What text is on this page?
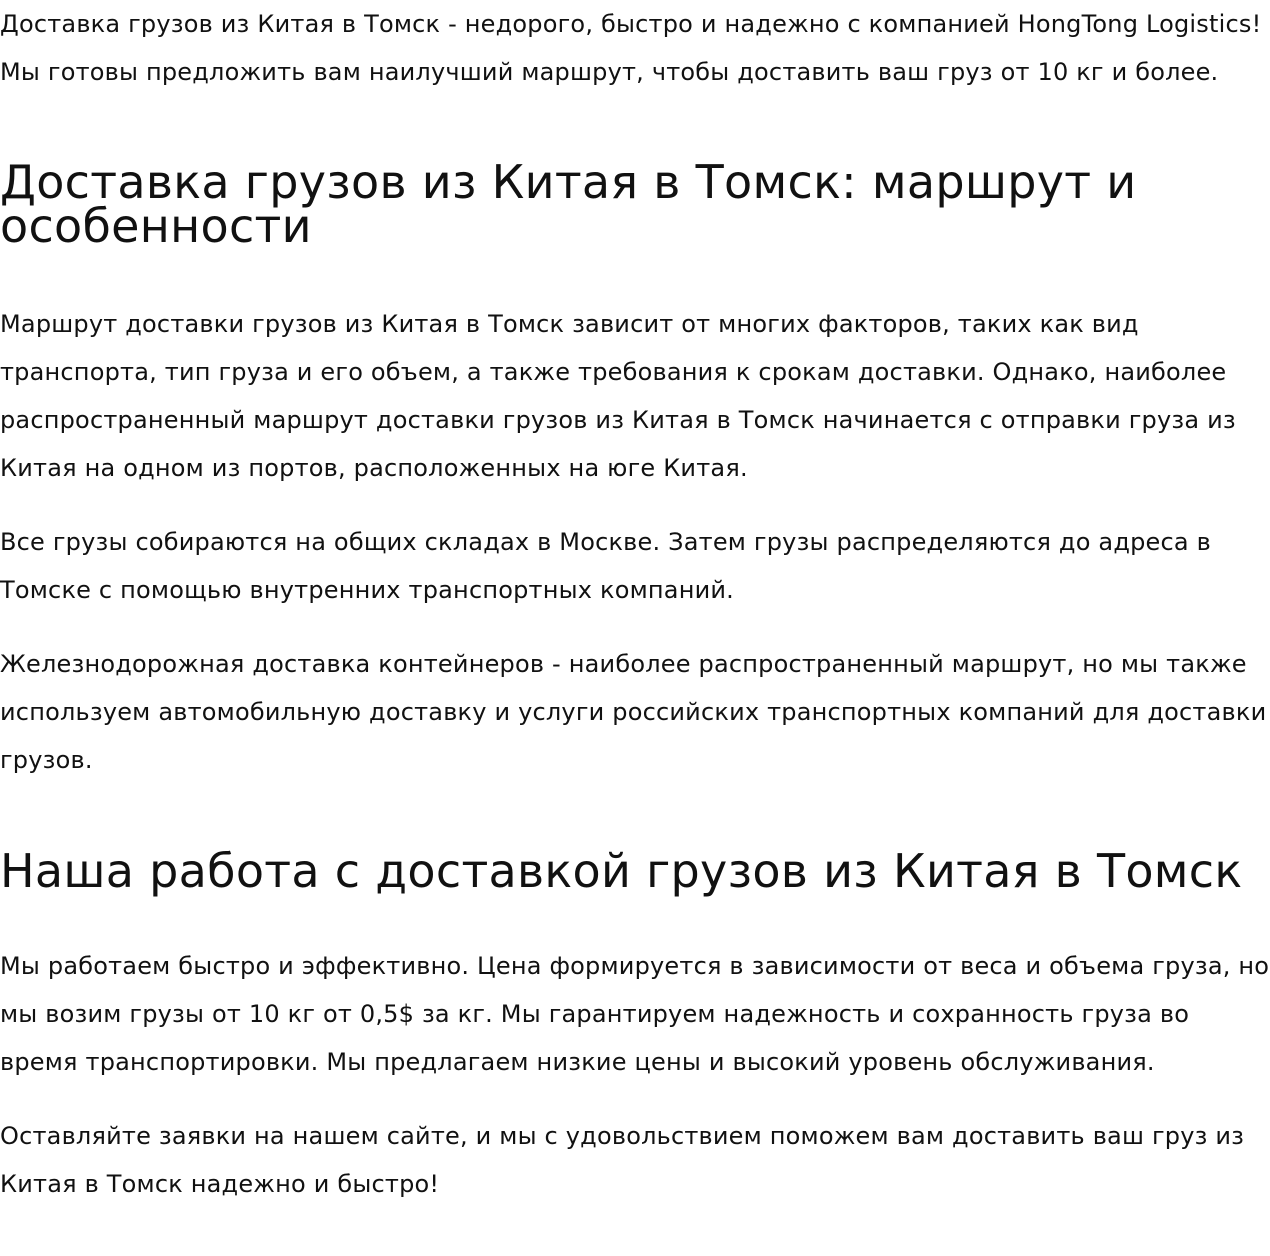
Доставка грузов из Китая в Томск - недорого, быстро и надежно с компанией HongTong Logistics! Мы готовы предложить вам наилучший маршрут, чтобы доставить ваш груз от 10 кг и более.

Доставка грузов из Китая в Томск: маршрут и особенности

Маршрут доставки грузов из Китая в Томск зависит от многих факторов, таких как вид транспорта, тип груза и его объем, а также требования к срокам доставки. Однако, наиболее распространенный маршрут доставки грузов из Китая в Томск начинается с отправки груза из Китая на одном из портов, расположенных на юге Китая.

Все грузы собираются на общих складах в Москве. Затем грузы распределяются до адреса в Томске с помощью внутренних транспортных компаний.

Железнодорожная доставка контейнеров - наиболее распространенный маршрут, но мы также используем автомобильную доставку и услуги российских транспортных компаний для доставки грузов.

Наша работа с доставкой грузов из Китая в Томск

Мы работаем быстро и эффективно. Цена формируется в зависимости от веса и объема груза, но мы возим грузы от 10 кг от 0,5$ за кг. Мы гарантируем надежность и сохранность груза во время транспортировки. Мы предлагаем низкие цены и высокий уровень обслуживания.

Оставляйте заявки на нашем сайте, и мы с удовольствием поможем вам доставить ваш груз из Китая в Томск надежно и быстро!
